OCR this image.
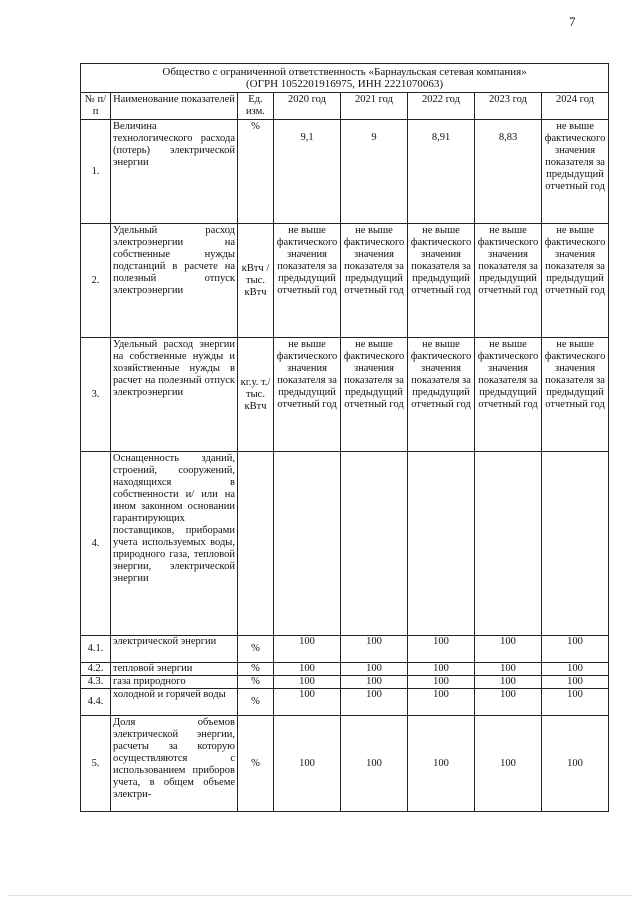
7
Общество с ограниченной ответственность «Барнаульская сетевая компания»
(ОГРН 1052201916975, ИНН 2221070063)							

№ п/п	Наименование показателей	Ед. изм.	2020 год	2021 год	2022 год	2023 год	2024 год
1.	Величина технологического расхода (потерь) электрической энергии	%	9,1	9	8,91	8,83	не выше фактического значения показателя за предыдущий отчетный год
2.	Удельный расход электроэнергии на собственные нужды подстанций в расчете на полезный отпуск электроэнергии	кВтч / тыс. кВтч	не выше фактического значения показателя за предыдущий отчетный год	не выше фактического значения показателя за предыдущий отчетный год	не выше фактического значения показателя за предыдущий отчетный год	не выше фактического значения показателя за предыдущий отчетный год	не выше фактического значения показателя за предыдущий отчетный год
3.	Удельный расход энергии на собственные нужды и хозяйственные нужды в расчет на полезный отпуск электроэнергии	кг.у. т./ тыс. кВтч	не выше фактического значения показателя за предыдущий отчетный год	не выше фактического значения показателя за предыдущий отчетный год	не выше фактического значения показателя за предыдущий отчетный год	не выше фактического значения показателя за предыдущий отчетный год	не выше фактического значения показателя за предыдущий отчетный год
4.	Оснащенность зданий, строений, сооружений, находящихся в собственности и/ или на ином законном основании гарантирующих поставщиков, приборами учета используемых воды, природного газа, тепловой энергии, электрической энергии						
4.1.	электрической энергии	%	100	100	100	100	100
4.2.	тепловой энергии	%	100	100	100	100	100
4.3.	газа природного	%	100	100	100	100	100
4.4.	холодной и горячей воды	%	100	100	100	100	100
5.	Доля объемов электрической энергии, расчеты за которую осуществляются с использованием приборов учета, в общем объеме электри-	%	100	100	100	100	100
